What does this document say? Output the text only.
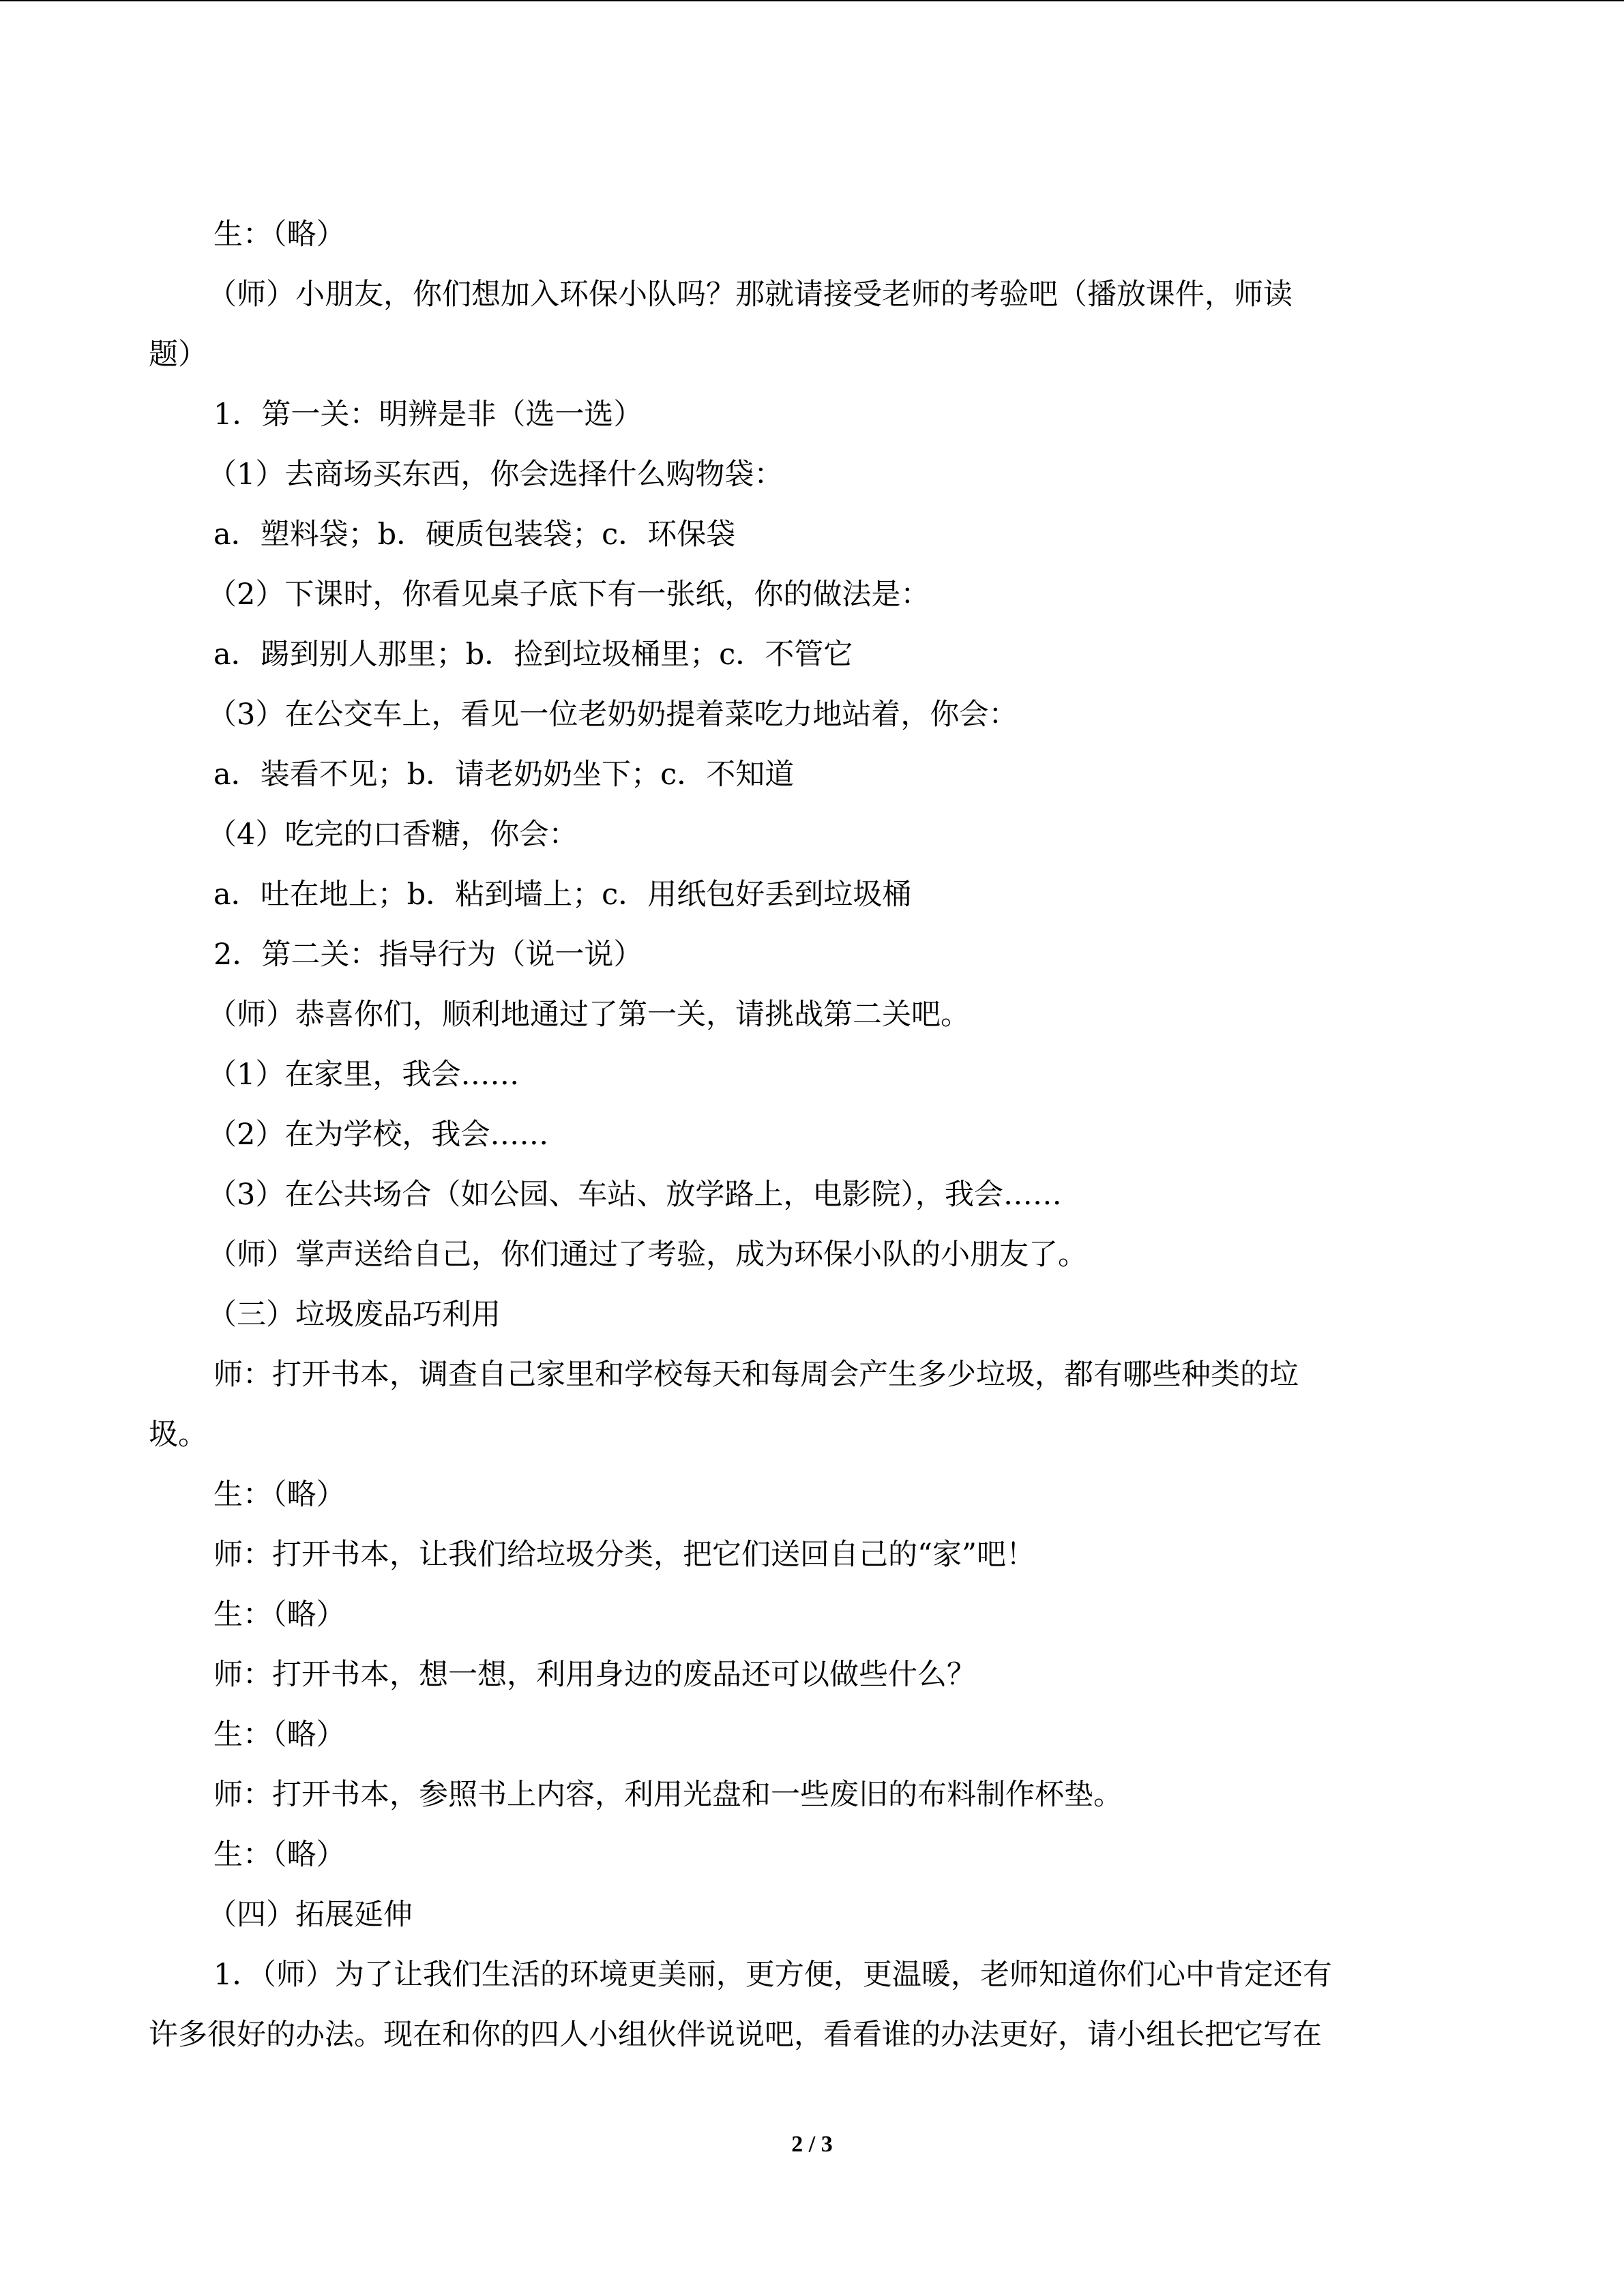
生：（略）
（师）小朋友，你们想加入环保小队吗？那就请接受老师的考验吧（播放课件，师读
题）
1．第一关：明辨是非（选一选）
（1）去商场买东西，你会选择什么购物袋：
a．塑料袋；b．硬质包装袋；c．环保袋
（2）下课时，你看见桌子底下有一张纸，你的做法是：
a．踢到别人那里；b．捡到垃圾桶里；c．不管它
（3）在公交车上，看见一位老奶奶提着菜吃力地站着，你会：
a．装看不见；b．请老奶奶坐下；c．不知道
（4）吃完的口香糖，你会：
a．吐在地上；b．粘到墙上；c．用纸包好丢到垃圾桶
2．第二关：指导行为（说一说）
（师）恭喜你们，顺利地通过了第一关，请挑战第二关吧。
（1）在家里，我会……
（2）在为学校，我会……
（3）在公共场合（如公园、车站、放学路上，电影院），我会……
（师）掌声送给自己，你们通过了考验，成为环保小队的小朋友了。
（三）垃圾废品巧利用
师：打开书本，调查自己家里和学校每天和每周会产生多少垃圾，都有哪些种类的垃
圾。
生：（略）
师：打开书本，让我们给垃圾分类，把它们送回自己的“家”吧！
生：（略）
师：打开书本，想一想，利用身边的废品还可以做些什么？
生：（略）
师：打开书本，参照书上内容，利用光盘和一些废旧的布料制作杯垫。
生：（略）
（四）拓展延伸
1．（师）为了让我们生活的环境更美丽，更方便，更温暖，老师知道你们心中肯定还有
许多很好的办法。现在和你的四人小组伙伴说说吧，看看谁的办法更好，请小组长把它写在
2 / 3
